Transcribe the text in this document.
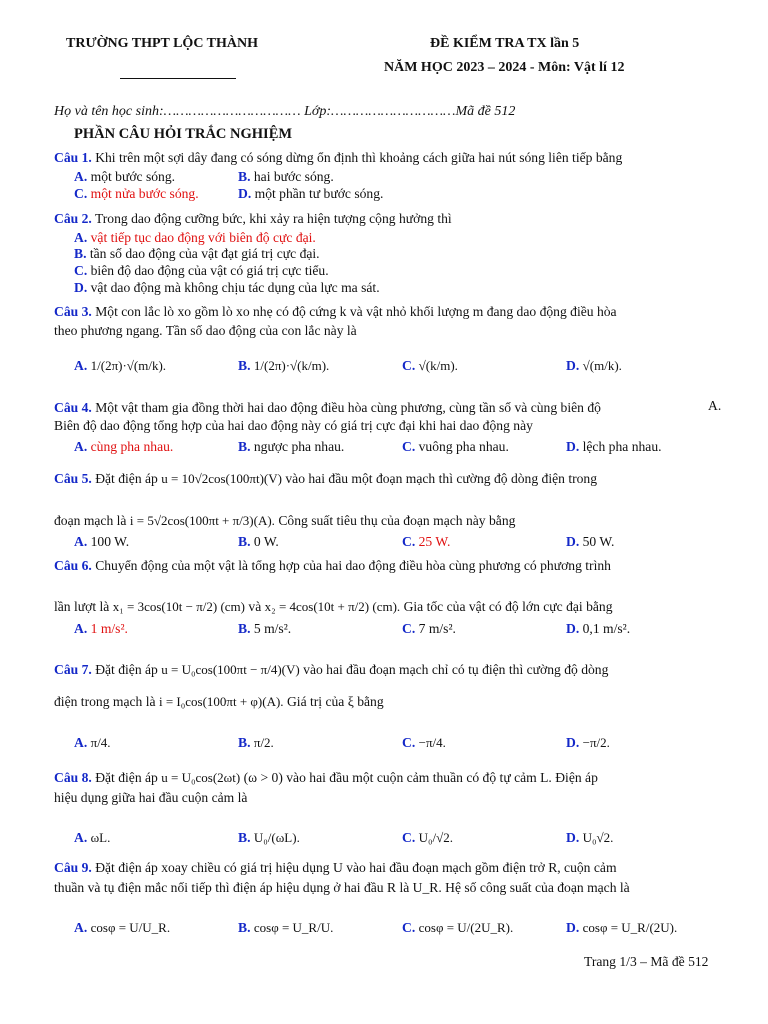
TRƯỜNG THPT LỘC THÀNH	ĐỀ KIỂM TRA TX lần 5
NĂM HỌC 2023 – 2024 - Môn: Vật lí 12
Họ và tên học sinh:…………………………… Lớp:…………………………Mã đề 512
PHẦN CÂU HỎI TRẮC NGHIỆM
Câu 1. Khi trên một sợi dây đang có sóng dừng ổn định thì khoảng cách giữa hai nút sóng liên tiếp bằng
A. một bước sóng.	B. hai bước sóng.
C. một nửa bước sóng.	D. một phần tư bước sóng.
Câu 2. Trong dao động cưỡng bức, khi xảy ra hiện tượng cộng hưởng thì
A. vật tiếp tục dao động với biên độ cực đại.
B. tần số dao động của vật đạt giá trị cực đại.
C. biên độ dao động của vật có giá trị cực tiểu.
D. vật dao động mà không chịu tác dụng của lực ma sát.
Câu 3. Một con lắc lò xo gồm lò xo nhẹ có độ cứng k và vật nhỏ khối lượng m đang dao động điều hòa
theo phương ngang. Tần số dao động của con lắc này là
A. 1/(2π)·√(m/k).	B. 1/(2π)·√(k/m).	C. √(k/m).	D. √(m/k).
Câu 4. Một vật tham gia đồng thời hai dao động điều hòa cùng phương, cùng tần số và cùng biên độ	A.
Biên độ dao động tổng hợp của hai dao động này có giá trị cực đại khi hai dao động này
A. cùng pha nhau.	B. ngược pha nhau.	C. vuông pha nhau.	D. lệch pha nhau.
Câu 5. Đặt điện áp u = 10√2cos(100πt)(V) vào hai đầu một đoạn mạch thì cường độ dòng điện trong
đoạn mạch là i = 5√2cos(100πt + π/3)(A). Công suất tiêu thụ của đoạn mạch này bằng
A. 100 W.	B. 0 W.	C. 25 W.	D. 50 W.
Câu 6. Chuyển động của một vật là tổng hợp của hai dao động điều hòa cùng phương có phương trình
lần lượt là x₁ = 3cos(10t − π/2) (cm) và x₂ = 4cos(10t + π/2) (cm). Gia tốc của vật có độ lớn cực đại bằng
A. 1 m/s².	B. 5 m/s².	C. 7 m/s².	D. 0,1 m/s².
Câu 7. Đặt điện áp u = U₀cos(100πt − π/4)(V) vào hai đầu đoạn mạch chỉ có tụ điện thì cường độ dòng
điện trong mạch là i = I₀cos(100πt + φ)(A). Giá trị của ξ bằng
A. π/4.	B. π/2.	C. −π/4.	D. −π/2.
Câu 8. Đặt điện áp u = U₀cos(2ωt) (ω > 0) vào hai đầu một cuộn cảm thuần có độ tự cảm L. Điện áp
hiệu dụng giữa hai đầu cuộn cảm là
A. ωL.	B. U₀/(ωL).	C. U₀/√2.	D. U₀√2.
Câu 9. Đặt điện áp xoay chiều có giá trị hiệu dụng U vào hai đầu đoạn mạch gồm điện trở R, cuộn cảm
thuần và tụ điện mắc nối tiếp thì điện áp hiệu dụng ở hai đầu R là U_R. Hệ số công suất của đoạn mạch là
A. cosφ = U/U_R.	B. cosφ = U_R/U.	C. cosφ = U/(2U_R).	D. cosφ = U_R/(2U).
Trang 1/3 – Mã đề 512
